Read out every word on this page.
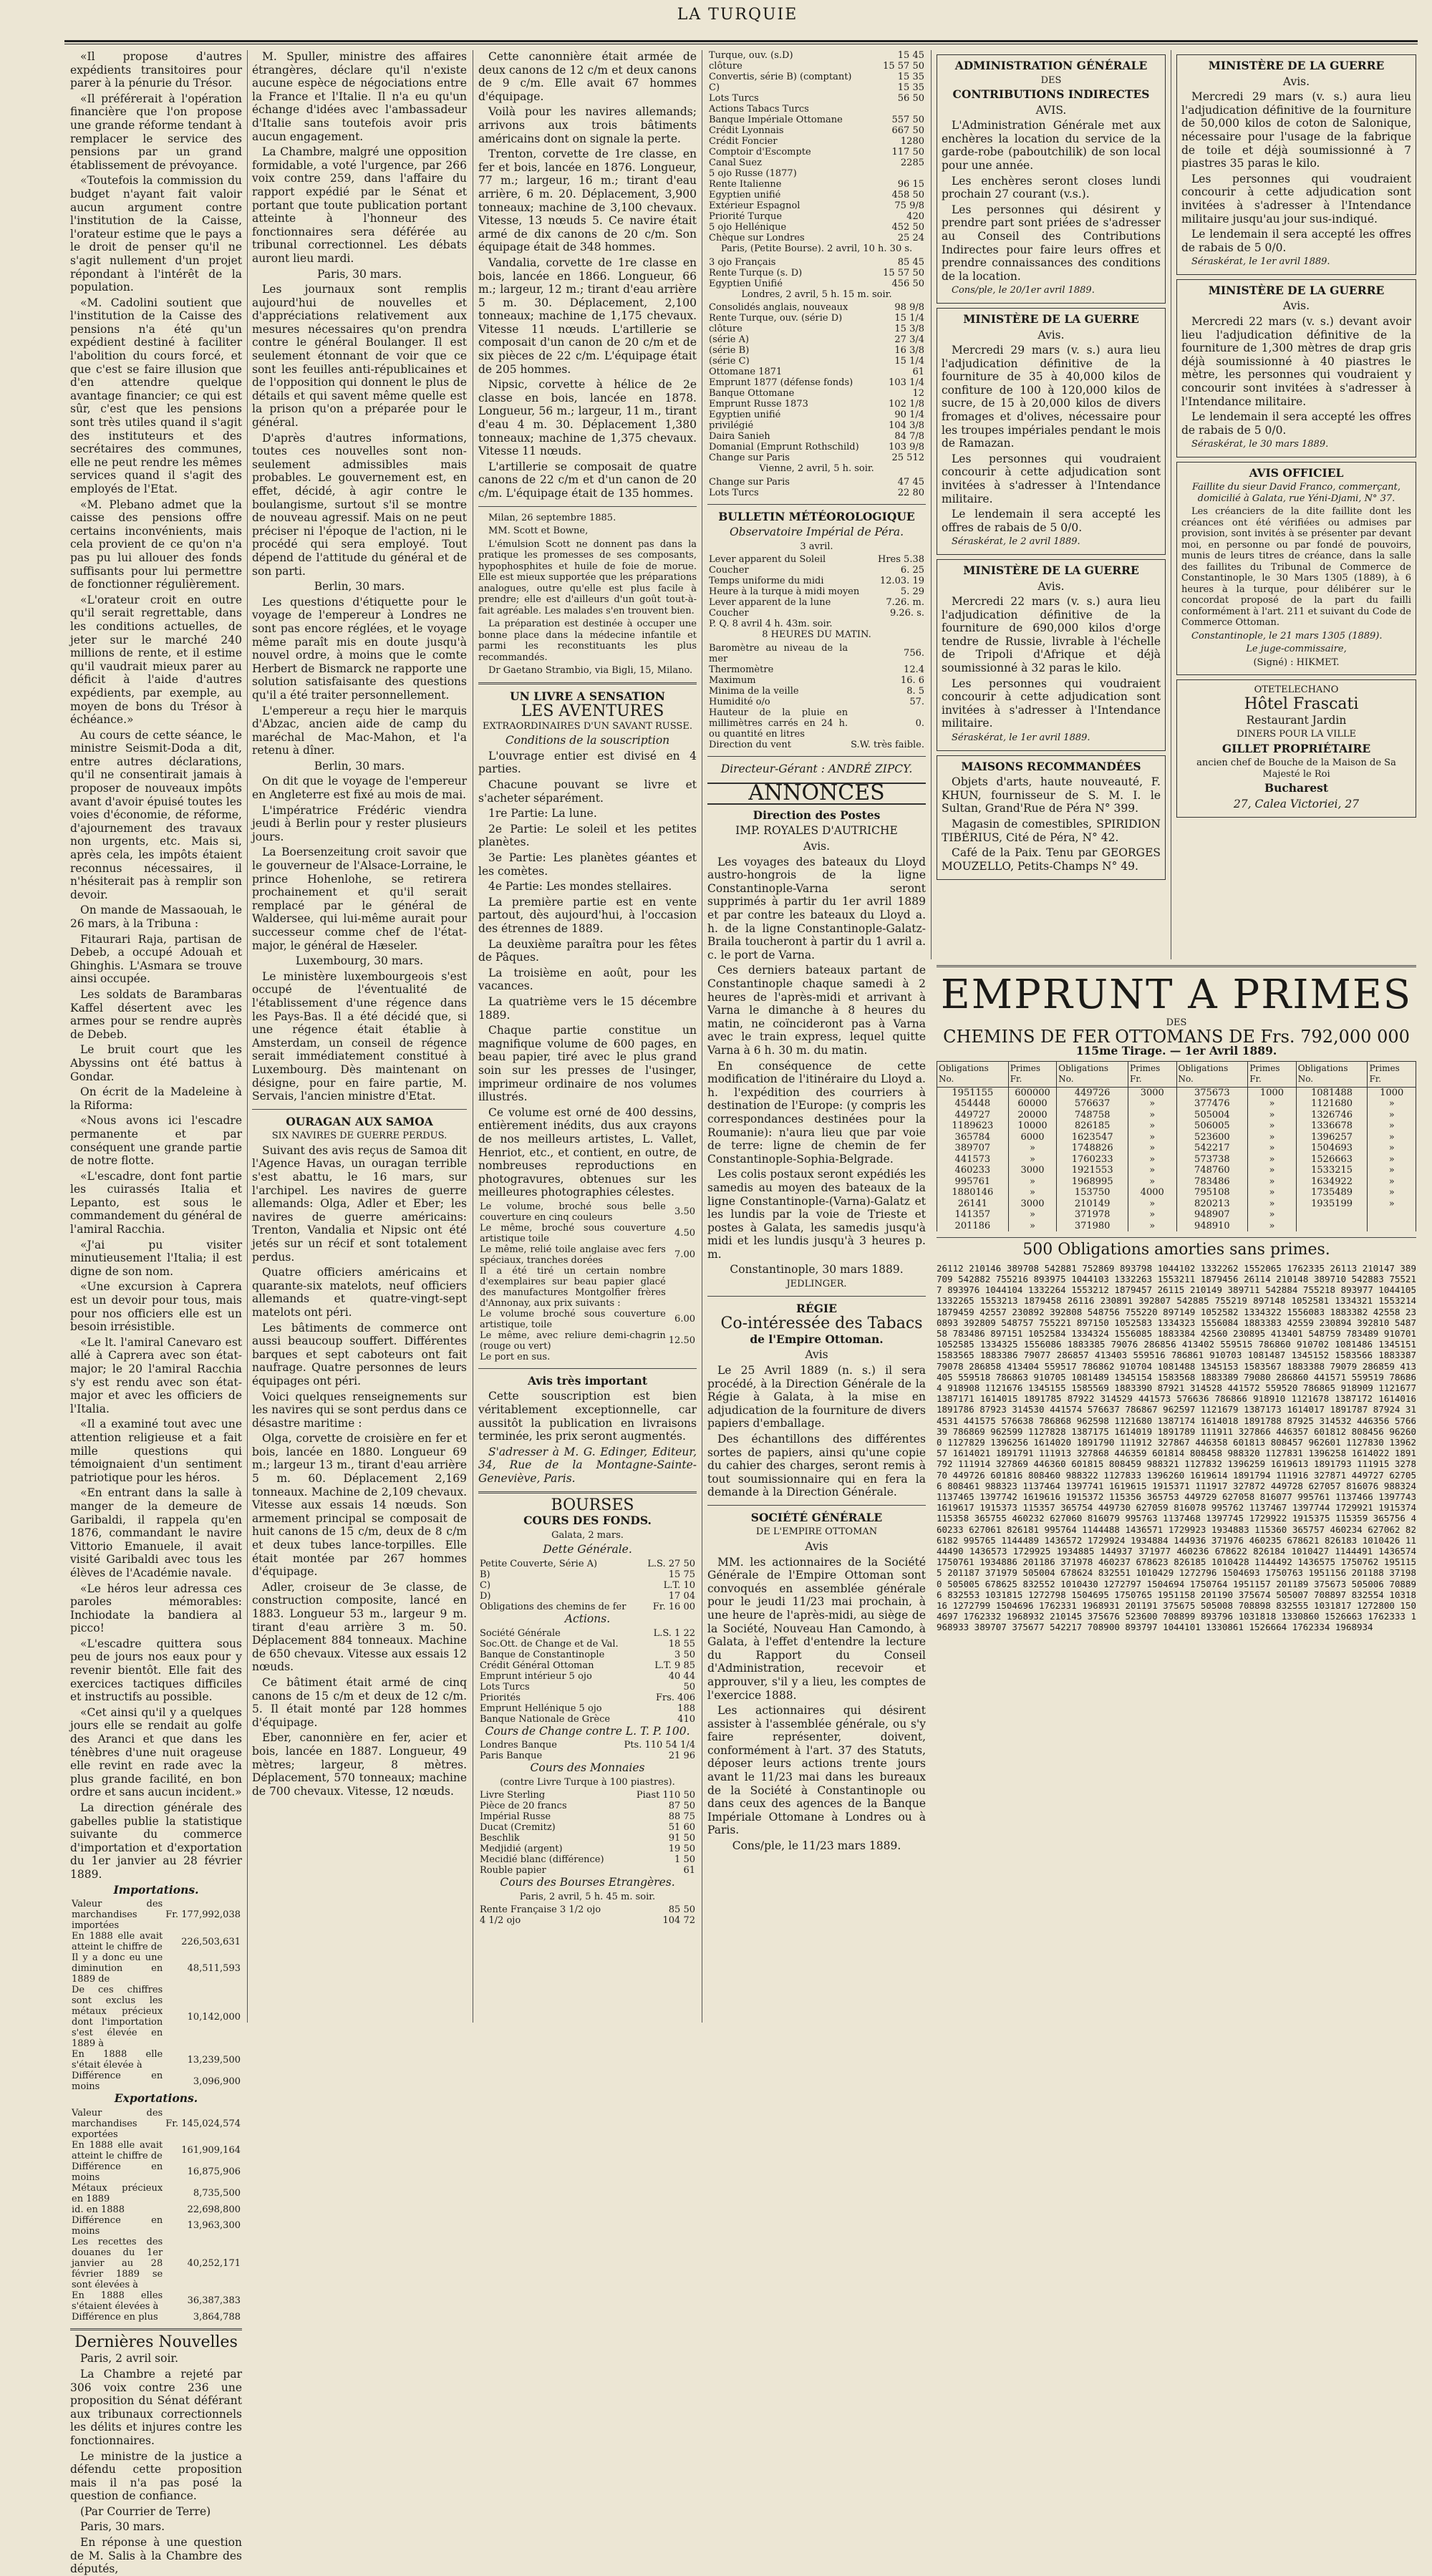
LA TURQUIE

«Il propose d'autres expédients transitoires pour parer à la pénurie du Trésor.

«Il préférerait à l'opération financière que l'on propose une grande réforme tendant à remplacer le service des pensions par un grand établissement de prévoyance.

«Toutefois la commission du budget n'ayant fait valoir aucun argument contre l'institution de la Caisse, l'orateur estime que le pays a le droit de penser qu'il ne s'agit nullement d'un projet répondant à l'intérêt de la population.

«M. Cadolini soutient que l'institution de la Caisse des pensions n'a été qu'un expédient destiné à faciliter l'abolition du cours forcé, et que c'est se faire illusion que d'en attendre quelque avantage financier; ce qui est sûr, c'est que les pensions sont très utiles quand il s'agit des instituteurs et des secrétaires des communes, elle ne peut rendre les mêmes services quand il s'agit des employés de l'Etat.

«M. Plebano admet que la caisse des pensions offre certains inconvénients, mais cela provient de ce qu'on n'a pas pu lui allouer des fonds suffisants pour lui permettre de fonctionner régulièrement.

«L'orateur croit en outre qu'il serait regrettable, dans les conditions actuelles, de jeter sur le marché 240 millions de rente, et il estime qu'il vaudrait mieux parer au déficit à l'aide d'autres expédients, par exemple, au moyen de bons du Trésor à échéance.»

Au cours de cette séance, le ministre Seismit-Doda a dit, entre autres déclarations, qu'il ne consentirait jamais à proposer de nouveaux impôts avant d'avoir épuisé toutes les voies d'économie, de réforme, d'ajournement des travaux non urgents, etc. Mais si, après cela, les impôts étaient reconnus nécessaires, il n'hésiterait pas à remplir son devoir.

On mande de Massaouah, le 26 mars, à la Tribuna :

Fitaurari Raja, partisan de Debeb, a occupé Adouah et Ghinghis. L'Asmara se trouve ainsi occupée.

Les soldats de Barambaras Kaffel désertent avec les armes pour se rendre auprès de Debeb.

Le bruit court que les Abyssins ont été battus à Gondar.

On écrit de la Madeleine à la Riforma:

«Nous avons ici l'escadre permanente et par conséquent une grande partie de notre flotte.

«L'escadre, dont font partie les cuirassés Italia et Lepanto, est sous le commandement du général de l'amiral Racchia.

«J'ai pu visiter minutieusement l'Italia; il est digne de son nom.

«Une excursion à Caprera est un devoir pour tous, mais pour nos officiers elle est un besoin irrésistible.

«Le lt. l'amiral Canevaro est allé à Caprera avec son état-major; le 20 l'amiral Racchia s'y est rendu avec son état-major et avec les officiers de l'Italia.

«Il a examiné tout avec une attention religieuse et a fait mille questions qui témoignaient d'un sentiment patriotique pour les héros.

«En entrant dans la salle à manger de la demeure de Garibaldi, il rappela qu'en 1876, commandant le navire Vittorio Emanuele, il avait visité Garibaldi avec tous les élèves de l'Académie navale.

«Le héros leur adressa ces paroles mémorables: Inchiodate la bandiera al picco!

«L'escadre quittera sous peu de jours nos eaux pour y revenir bientôt. Elle fait des exercices tactiques difficiles et instructifs au possible.

«Cet ainsi qu'il y a quelques jours elle se rendait au golfe des Aranci et que dans les ténèbres d'une nuit orageuse elle revint en rade avec la plus grande facilité, en bon ordre et sans aucun incident.»

La direction générale des gabelles publie la statistique suivante du commerce d'importation et d'exportation du 1er janvier au 28 février 1889.

Importations.

Valeur des marchandises importées	Fr. 177,992,038
En 1888 elle avait atteint le chiffre de	226,503,631
Il y a donc eu une diminution en 1889 de	48,511,593
De ces chiffres sont exclus les métaux précieux dont l'importation s'est élevée en 1889 à	10,142,000
En 1888 elle s'était élevée à	13,239,500
Différence en moins	3,096,900

Exportations.

Valeur des marchandises exportées	Fr. 145,024,574
En 1888 elle avait atteint le chiffre de	161,909,164
Différence en moins	16,875,906
Métaux précieux en 1889	8,735,500
id. en 1888	22,698,800
Différence en moins	13,963,300
Les recettes des douanes du 1er janvier au 28 février 1889 se sont élevées à	40,252,171
En 1888 elles s'étaient élevées à	36,387,383
Différence en plus	3,864,788
Dernières Nouvelles

Paris, 2 avril soir.

La Chambre a rejeté par 306 voix contre 236 une proposition du Sénat déférant aux tribunaux correctionnels les délits et injures contre les fonctionnaires.

Le ministre de la justice a défendu cette proposition mais il n'a pas posé la question de confiance.

(Par Courrier de Terre)

Paris, 30 mars.

En réponse à une question de M. Salis à la Chambre des députés,

M. Spuller, ministre des affaires étrangères, déclare qu'il n'existe aucune espèce de négociations entre la France et l'Italie. Il n'a eu qu'un échange d'idées avec l'ambassadeur d'Italie sans toutefois avoir pris aucun engagement.

La Chambre, malgré une opposition formidable, a voté l'urgence, par 266 voix contre 259, dans l'affaire du rapport expédié par le Sénat et portant que toute publication portant atteinte à l'honneur des fonctionnaires sera déférée au tribunal correctionnel. Les débats auront lieu mardi.

Paris, 30 mars.

Les journaux sont remplis aujourd'hui de nouvelles et d'appréciations relativement aux mesures nécessaires qu'on prendra contre le général Boulanger. Il est seulement étonnant de voir que ce sont les feuilles anti-républicaines et de l'opposition qui donnent le plus de détails et qui savent même quelle est la prison qu'on a préparée pour le général.

D'après d'autres informations, toutes ces nouvelles sont non-seulement admissibles mais probables. Le gouvernement est, en effet, décidé, à agir contre le boulangisme, surtout s'il se montre de nouveau agressif. Mais on ne peut préciser ni l'époque de l'action, ni le procédé qui sera employé. Tout dépend de l'attitude du général et de son parti.

Berlin, 30 mars.

Les questions d'étiquette pour le voyage de l'empereur à Londres ne sont pas encore réglées, et le voyage même paraît mis en doute jusqu'à nouvel ordre, à moins que le comte Herbert de Bismarck ne rapporte une solution satisfaisante des questions qu'il a été traiter personnellement.

L'empereur a reçu hier le marquis d'Abzac, ancien aide de camp du maréchal de Mac-Mahon, et l'a retenu à dîner.

Berlin, 30 mars.

On dit que le voyage de l'empereur en Angleterre est fixé au mois de mai.

L'impératrice Frédéric viendra jeudi à Berlin pour y rester plusieurs jours.

La Boersenzeitung croit savoir que le gouverneur de l'Alsace-Lorraine, le prince Hohenlohe, se retirera prochainement et qu'il serait remplacé par le général de Waldersee, qui lui-même aurait pour successeur comme chef de l'état-major, le général de Hæseler.

Luxembourg, 30 mars.

Le ministère luxembourgeois s'est occupé de l'éventualité de l'établissement d'une régence dans les Pays-Bas. Il a été décidé que, si une régence était établie à Amsterdam, un conseil de régence serait immédiatement constitué à Luxembourg. Dès maintenant on désigne, pour en faire partie, M. Servais, l'ancien ministre d'Etat.

OURAGAN AUX SAMOA

SIX NAVIRES DE GUERRE PERDUS.

Suivant des avis reçus de Samoa dit l'Agence Havas, un ouragan terrible s'est abattu, le 16 mars, sur l'archipel. Les navires de guerre allemands: Olga, Adler et Eber; les navires de guerre américains: Trenton, Vandalia et Nipsic ont été jetés sur un récif et sont totalement perdus.

Quatre officiers américains et quarante-six matelots, neuf officiers allemands et quatre-vingt-sept matelots ont péri.

Les bâtiments de commerce ont aussi beaucoup souffert. Différentes barques et sept caboteurs ont fait naufrage. Quatre personnes de leurs équipages ont péri.

Voici quelques renseignements sur les navires qui se sont perdus dans ce désastre maritime :

Olga, corvette de croisière en fer et bois, lancée en 1880. Longueur 69 m.; largeur 13 m., tirant d'eau arrière 5 m. 60. Déplacement 2,169 tonneaux. Machine de 2,109 chevaux. Vitesse aux essais 14 nœuds. Son armement principal se composait de huit canons de 15 c/m, deux de 8 c/m et deux tubes lance-torpilles. Elle était montée par 267 hommes d'équipage.

Adler, croiseur de 3e classe, de construction composite, lancé en 1883. Longueur 53 m., largeur 9 m. tirant d'eau arrière 3 m. 50. Déplacement 884 tonneaux. Machine de 650 chevaux. Vitesse aux essais 12 nœuds.

Ce bâtiment était armé de cinq canons de 15 c/m et deux de 12 c/m. 5. Il était monté par 128 hommes d'équipage.

Eber, canonnière en fer, acier et bois, lancée en 1887. Longueur, 49 mètres; largeur, 8 mètres. Déplacement, 570 tonneaux; machine de 700 chevaux. Vitesse, 12 nœuds.

Cette canonnière était armée de deux canons de 12 c/m et deux canons de 9 c/m. Elle avait 67 hommes d'équipage.

Voilà pour les navires allemands; arrivons aux trois bâtiments américains dont on signale la perte.

Trenton, corvette de 1re classe, en fer et bois, lancée en 1876. Longueur, 77 m.; largeur, 16 m.; tirant d'eau arrière, 6 m. 20. Déplacement, 3,900 tonneaux; machine de 3,100 chevaux. Vitesse, 13 nœuds 5. Ce navire était armé de dix canons de 20 c/m. Son équipage était de 348 hommes.

Vandalia, corvette de 1re classe en bois, lancée en 1866. Longueur, 66 m.; largeur, 12 m.; tirant d'eau arrière 5 m. 30. Déplacement, 2,100 tonneaux; machine de 1,175 chevaux. Vitesse 11 nœuds. L'artillerie se composait d'un canon de 20 c/m et de six pièces de 22 c/m. L'équipage était de 205 hommes.

Nipsic, corvette à hélice de 2e classe en bois, lancée en 1878. Longueur, 56 m.; largeur, 11 m., tirant d'eau 4 m. 30. Déplacement 1,380 tonneaux; machine de 1,375 chevaux. Vitesse 11 nœuds.

L'artillerie se composait de quatre canons de 22 c/m et d'un canon de 20 c/m. L'équipage était de 135 hommes.

Milan, 26 septembre 1885.

MM. Scott et Bowne,

L'émulsion Scott ne donnent pas dans la pratique les promesses de ses composants, hypophosphites et huile de foie de morue. Elle est mieux supportée que les préparations analogues, outre qu'elle est plus facile à prendre; elle est d'ailleurs d'un goût tout-à-fait agréable. Les malades s'en trouvent bien.

La préparation est destinée à occuper une bonne place dans la médecine infantile et parmi les reconstituants les plus recommandés.

Dr Gaetano Strambio, via Bigli, 15, Milano.

UN LIVRE A SENSATION

LES AVENTURES

EXTRAORDINAIRES D'UN SAVANT RUSSE.

Conditions de la souscription

L'ouvrage entier est divisé en 4 parties.

Chacune pouvant se livre et s'acheter séparément.

1re Partie: La lune.

2e Partie: Le soleil et les petites planètes.

3e Partie: Les planètes géantes et les comètes.

4e Partie: Les mondes stellaires.

La première partie est en vente partout, dès aujourd'hui, à l'occasion des étrennes de 1889.

La deuxième paraîtra pour les fêtes de Pâques.

La troisième en août, pour les vacances.

La quatrième vers le 15 décembre 1889.

Chaque partie constitue un magnifique volume de 600 pages, en beau papier, tiré avec le plus grand soin sur les presses de l'usinger, imprimeur ordinaire de nos volumes illustrés.

Ce volume est orné de 400 dessins, entièrement inédits, dus aux crayons de nos meilleurs artistes, L. Vallet, Henriot, etc., et contient, en outre, de nombreuses reproductions en photogravures, obtenues sur les meilleures photographies célestes.

Le volume, broché sous belle couverture en cinq couleurs	3.50
Le même, broché sous couverture artistique toile	4.50
Le même, relié toile anglaise avec fers spéciaux, tranches dorées	7.00
Il a été tiré un certain nombre d'exemplaires sur beau papier glacé des manufactures Montgolfier frères d'Annonay, aux prix suivants :	
Le volume broché sous couverture artistique, toile	6.00
Le même, avec reliure demi-chagrin (rouge ou vert)	12.50
Le port en sus.	

Avis très important

Cette souscription est bien véritablement exceptionnelle, car aussitôt la publication en livraisons terminée, les prix seront augmentés.

S'adresser à M. G. Edinger, Editeur, 34, Rue de la Montagne-Sainte-Geneviève, Paris.

BOURSES

COURS DES FONDS.

Galata, 2 mars.

Dette Générale.

Petite Couverte, Série A)	L.S. 27 50
B)	15 75
C)	L.T. 10
D)	17 04
Obligations des chemins de fer	Fr. 16 00

Actions.

Société Générale	L.S. 1 22
Soc.Ott. de Change et de Val.	18 55
Banque de Constantinople	3 50
Crédit Général Ottoman	L.T. 9 85
Emprunt intérieur 5 ojo	40 44
Lots Turcs	50
Priorités	Frs. 406
Emprunt Hellénique 5 ojo	188
Banque Nationale de Grèce	410

Cours de Change contre L. T. P. 100.

Londres Banque	Pts. 110 54 1/4
Paris Banque	21 96

Cours des Monnaies

(contre Livre Turque à 100 piastres).

Livre Sterling	Piast 110 50
Pièce de 20 francs	87 50
Impérial Russe	88 75
Ducat (Cremitz)	51 60
Beschlik	91 50
Medjidié (argent)	19 50
Mecidié blanc (différence)	1 50
Rouble papier	61

Cours des Bourses Etrangères.

Paris, 2 avril, 5 h. 45 m. soir.

Rente Française 3 1/2 ojo	85 50
4 1/2 ojo	104 72
Turque, ouv. (s.D)	15 45
clôture	15 57 50
Convertis, série B) (comptant)	15 35
C)	15 35
Lots Turcs	56 50
Actions Tabacs Turcs	
Banque Impériale Ottomane	557 50
Crédit Lyonnais	667 50
Crédit Foncier	1280
Comptoir d'Escompte	117 50
Canal Suez	2285
5 ojo Russe (1877)	
Rente Italienne	96 15
Egyptien unifié	458 50
Extérieur Espagnol	75 9/8
Priorité Turque	420
5 ojo Hellénique	452 50
Chèque sur Londres	25 24

Paris, (Petite Bourse). 2 avril, 10 h. 30 s.

3 ojo Français	85 45
Rente Turque (s. D)	15 57 50
Egyptien Unifié	456 50

Londres, 2 avril, 5 h. 15 m. soir.

Consolidés anglais, nouveaux	98 9/8
Rente Turque, ouv. (série D)	15 1/4
clôture	15 3/8
(série A)	27 3/4
(série B)	16 3/8
(série C)	15 1/4
Ottomane 1871	61
Emprunt 1877 (défense fonds)	103 1/4
Banque Ottomane	12
Emprunt Russe 1873	102 1/8
Egyptien unifié	90 1/4
privilégié	104 3/8
Daira Sanieh	84 7/8
Domanial (Emprunt Rothschild)	103 9/8
Change sur Paris	25 512

Vienne, 2 avril, 5 h. soir.

Change sur Paris	47 45
Lots Turcs	22 80

BULLETIN MÉTÉOROLOGIQUE

Observatoire Impérial de Péra.

3 avril.

Lever apparent du Soleil	Hres 5.38
Coucher	6. 25
Temps uniforme du midi	12.03. 19
Heure à la turque à midi moyen	5. 29
Lever apparent de la lune	7.26. m.
Coucher	9.26. s.
P. Q. 8 avril 4 h. 43m. soir.	

8 HEURES DU MATIN.

Baromètre au niveau de la mer	756.
Thermomètre	12.4
Maximum	16. 6
Minima de la veille	8. 5
Humidité o/o	57.
Hauteur de la pluie en millimètres carrés en 24 h. ou quantité en litres	0.
Direction du vent	S.W. très faible.

Directeur-Gérant : ANDRÉ ZIPCY.

ANNONCES

Direction des Postes

IMP. ROYALES D'AUTRICHE

Avis.

Les voyages des bateaux du Lloyd austro-hongrois de la ligne Constantinople-Varna seront supprimés à partir du 1er avril 1889 et par contre les bateaux du Lloyd a. h. de la ligne Constantinople-Galatz-Braila toucheront à partir du 1 avril a. c. le port de Varna.

Ces derniers bateaux partant de Constantinople chaque samedi à 2 heures de l'après-midi et arrivant à Varna le dimanche à 8 heures du matin, ne coïncideront pas à Varna avec le train express, lequel quitte Varna à 6 h. 30 m. du matin.

En conséquence de cette modification de l'itinéraire du Lloyd a. h. l'expédition des courriers à destination de l'Europe: (y compris les correspondances destinées pour la Roumanie): n'aura lieu que par voie de terre: ligne de chemin de fer Constantinople-Sophia-Belgrade.

Les colis postaux seront expédiés les samedis au moyen des bateaux de la ligne Constantinople-(Varna)-Galatz et les lundis par la voie de Trieste et postes à Galata, les samedis jusqu'à midi et les lundis jusqu'à 3 heures p. m.

Constantinople, 30 mars 1889.

JEDLINGER.

RÉGIE

Co-intéressée des Tabacs

de l'Empire Ottoman.

Avis

Le 25 Avril 1889 (n. s.) il sera procédé, à la Direction Générale de la Régie à Galata, à la mise en adjudication de la fourniture de divers papiers d'emballage.

Des échantillons des différentes sortes de papiers, ainsi qu'une copie du cahier des charges, seront remis à tout soumissionnaire qui en fera la demande à la Direction Générale.

SOCIÉTÉ GÉNÉRALE

DE L'EMPIRE OTTOMAN

Avis

MM. les actionnaires de la Société Générale de l'Empire Ottoman sont convoqués en assemblée générale pour le jeudi 11/23 mai prochain, à une heure de l'après-midi, au siège de la Société, Nouveau Han Camondo, à Galata, à l'effet d'entendre la lecture du Rapport du Conseil d'Administration, recevoir et approuver, s'il y a lieu, les comptes de l'exercice 1888.

Les actionnaires qui désirent assister à l'assemblée générale, ou s'y faire représenter, doivent, conformément à l'art. 37 des Statuts, déposer leurs actions trente jours avant le 11/23 mai dans les bureaux de la Société à Constantinople ou dans ceux des agences de la Banque Impériale Ottomane à Londres ou à Paris.

Cons/ple, le 11/23 mars 1889.

ADMINISTRATION GÉNÉRALE

DES

CONTRIBUTIONS INDIRECTES

AVIS.

L'Administration Générale met aux enchères la location du service de la garde-robe (paboutchilik) de son local pour une année.

Les enchères seront closes lundi prochain 27 courant (v.s.).

Les personnes qui désirent y prendre part sont priées de s'adresser au Conseil des Contributions Indirectes pour faire leurs offres et prendre connaissances des conditions de la location.

Cons/ple, le 20/1er avril 1889.

MINISTÈRE DE LA GUERRE

Avis.

Mercredi 29 mars (v. s.) aura lieu l'adjudication définitive de la fourniture de 35 à 40,000 kilos de confiture de 100 à 120,000 kilos de sucre, de 15 à 20,000 kilos de divers fromages et d'olives, nécessaire pour les troupes impériales pendant le mois de Ramazan.

Les personnes qui voudraient concourir à cette adjudication sont invitées à s'adresser à l'Intendance militaire.

Le lendemain il sera accepté les offres de rabais de 5 0/0.

Séraskérat, le 2 avril 1889.

MINISTÈRE DE LA GUERRE

Avis.

Mercredi 22 mars (v. s.) aura lieu l'adjudication définitive de la fourniture de 690,000 kilos d'orge tendre de Russie, livrable à l'échelle de Tripoli d'Afrique et déjà soumissionné à 32 paras le kilo.

Les personnes qui voudraient concourir à cette adjudication sont invitées à s'adresser à l'Intendance militaire.

Séraskérat, le 1er avril 1889.

MAISONS RECOMMANDÉES

Objets d'arts, haute nouveauté, F. KHUN, fournisseur de S. M. I. le Sultan, Grand'Rue de Péra N° 399.

Magasin de comestibles, SPIRIDION TIBÉRIUS, Cité de Péra, N° 42.

Café de la Paix. Tenu par GEORGES MOUZELLO, Petits-Champs N° 49.

MINISTÈRE DE LA GUERRE

Avis.

Mercredi 29 mars (v. s.) aura lieu l'adjudication définitive de la fourniture de 50,000 kilos de coton de Salonique, nécessaire pour l'usage de la fabrique de toile et déjà soumissionné à 7 piastres 35 paras le kilo.

Les personnes qui voudraient concourir à cette adjudication sont invitées à s'adresser à l'Intendance militaire jusqu'au jour sus-indiqué.

Le lendemain il sera accepté les offres de rabais de 5 0/0.

Séraskérat, le 1er avril 1889.

MINISTÈRE DE LA GUERRE

Avis.

Mercredi 22 mars (v. s.) devant avoir lieu l'adjudication définitive de la fourniture de 1,300 mètres de drap gris déjà soumissionné à 40 piastres le mètre, les personnes qui voudraient y concourir sont invitées à s'adresser à l'Intendance militaire.

Le lendemain il sera accepté les offres de rabais de 5 0/0.

Séraskérat, le 30 mars 1889.

AVIS OFFICIEL

Faillite du sieur David Franco, commerçant, domicilié à Galata, rue Yéni-Djami, N° 37.

Les créanciers de la dite faillite dont les créances ont été vérifiées ou admises par provision, sont invités à se présenter par devant moi, en personne ou par fondé de pouvoirs, munis de leurs titres de créance, dans la salle des faillites du Tribunal de Commerce de Constantinople, le 30 Mars 1305 (1889), à 6 heures à la turque, pour délibérer sur le concordat proposé de la part du failli conformément à l'art. 211 et suivant du Code de Commerce Ottoman.

Constantinople, le 21 mars 1305 (1889).

Le juge-commissaire,

(Signé) : HIKMET.

OTETELECHANO

Hôtel Frascati

Restaurant Jardin

DINERS POUR LA VILLE

GILLET PROPRIÉTAIRE

ancien chef de Bouche de la Maison de Sa Majesté le Roi

Bucharest

27, Calea Victoriei, 27

EMPRUNT A PRIMES
DES
CHEMINS DE FER OTTOMANS DE Frs. 792,000 000
115me Tirage. — 1er Avril 1889.
Obligations No.	Primes Fr.	Obligations No.	Primes Fr.	Obligations No.	Primes Fr.	Obligations No.	Primes Fr.
1951155	600000	449726	3000	375673	1000	1081488	1000
454448	60000	576637	»	377476	»	1121680	»
449727	20000	748758	»	505004	»	1326746	»
1189623	10000	826185	»	506005	»	1336678	»
365784	6000	1623547	»	523600	»	1396257	»
389707	»	1748826	»	542217	»	1504693	»
441573	»	1760233	»	573738	»	1526663	»
460233	3000	1921553	»	748760	»	1533215	»
995761	»	1968995	»	783486	»	1634922	»
1880146	»	153750	4000	795108	»	1735489	»
26141	3000	210149	»	820213	»	1935199	»
141357	»	371978	»	948907	»		
201186	»	371980	»	948910	»		
500 Obligations amorties sans primes.
26112 210146 389708 542881 752869 893798 1044102 1332262 1552065 1762335 26113 210147 389709 542882 755216 893975 1044103 1332263 1553211 1879456 26114 210148 389710 542883 755217 893976 1044104 1332264 1553212 1879457 26115 210149 389711 542884 755218 893977 1044105 1332265 1553213 1879458 26116 230891 392807 542885 755219 897148 1052581 1334321 1553214 1879459 42557 230892 392808 548756 755220 897149 1052582 1334322 1556083 1883382 42558 230893 392809 548757 755221 897150 1052583 1334323 1556084 1883383 42559 230894 392810 548758 783486 897151 1052584 1334324 1556085 1883384 42560 230895 413401 548759 783489 910701 1052585 1334325 1556086 1883385 79076 286856 413402 559515 786860 910702 1081486 1345151 1583565 1883386 79077 286857 413403 559516 786861 910703 1081487 1345152 1583566 1883387 79078 286858 413404 559517 786862 910704 1081488 1345153 1583567 1883388 79079 286859 413405 559518 786863 910705 1081489 1345154 1583568 1883389 79080 286860 441571 559519 786864 918908 1121676 1345155 1585569 1883390 87921 314528 441572 559520 786865 918909 1121677 1387171 1614015 1891785 87922 314529 441573 576636 786866 918910 1121678 1387172 1614016 1891786 87923 314530 441574 576637 786867 962597 1121679 1387173 1614017 1891787 87924 314531 441575 576638 786868 962598 1121680 1387174 1614018 1891788 87925 314532 446356 576639 786869 962599 1127828 1387175 1614019 1891789 111911 327866 446357 601812 808456 962600 1127829 1396256 1614020 1891790 111912 327867 446358 601813 808457 962601 1127830 1396257 1614021 1891791 111913 327868 446359 601814 808458 988320 1127831 1396258 1614022 1891792 111914 327869 446360 601815 808459 988321 1127832 1396259 1619613 1891793 111915 327870 449726 601816 808460 988322 1127833 1396260 1619614 1891794 111916 327871 449727 627056 808461 988323 1137464 1397741 1619615 1915371 111917 327872 449728 627057 816076 988324 1137465 1397742 1619616 1915372 115356 365753 449729 627058 816077 995761 1137466 1397743 1619617 1915373 115357 365754 449730 627059 816078 995762 1137467 1397744 1729921 1915374 115358 365755 460232 627060 816079 995763 1137468 1397745 1729922 1915375 115359 365756 460233 627061 826181 995764 1144488 1436571 1729923 1934883 115360 365757 460234 627062 826182 995765 1144489 1436572 1729924 1934884 144936 371976 460235 678621 826183 1010426 1144490 1436573 1729925 1934885 144937 371977 460236 678622 826184 1010427 1144491 1436574 1750761 1934886 201186 371978 460237 678623 826185 1010428 1144492 1436575 1750762 1951155 201187 371979 505004 678624 832551 1010429 1272796 1504693 1750763 1951156 201188 371980 505005 678625 832552 1010430 1272797 1504694 1750764 1951157 201189 375673 505006 708896 832553 1031815 1272798 1504695 1750765 1951158 201190 375674 505007 708897 832554 1031816 1272799 1504696 1762331 1968931 201191 375675 505008 708898 832555 1031817 1272800 1504697 1762332 1968932 210145 375676 523600 708899 893796 1031818 1330860 1526663 1762333 1968933 389707 375677 542217 708900 893797 1044101 1330861 1526664 1762334 1968934
